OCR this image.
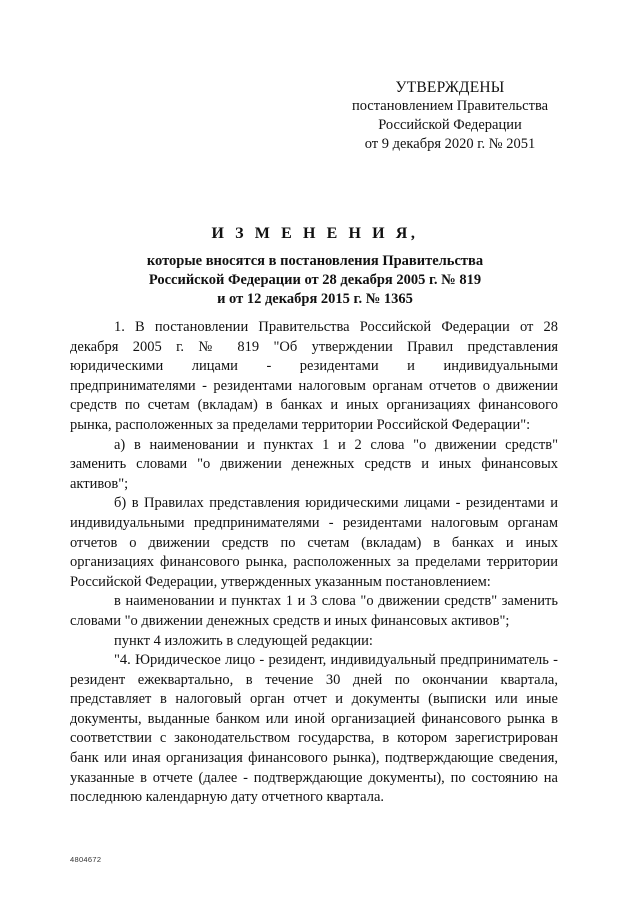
УТВЕРЖДЕНЫ
постановлением Правительства
Российской Федерации
от 9 декабря 2020 г. № 2051
И З М Е Н Е Н И Я,
которые вносятся в постановления Правительства
Российской Федерации от 28 декабря 2005 г. № 819
и от 12 декабря 2015 г. № 1365

1. В постановлении Правительства Российской Федерации от 28 декабря 2005 г. № 819 "Об утверждении Правил представления юридическими лицами - резидентами и индивидуальными предпринимателями - резидентами налоговым органам отчетов о движении средств по счетам (вкладам) в банках и иных организациях финансового рынка, расположенных за пределами территории Российской Федерации":

а) в наименовании и пунктах 1 и 2 слова "о движении средств" заменить словами "о движении денежных средств и иных финансовых активов";

б) в Правилах представления юридическими лицами - резидентами и индивидуальными предпринимателями - резидентами налоговым органам отчетов о движении средств по счетам (вкладам) в банках и иных организациях финансового рынка, расположенных за пределами территории Российской Федерации, утвержденных указанным постановлением:

в наименовании и пунктах 1 и 3 слова "о движении средств" заменить словами "о движении денежных средств и иных финансовых активов";

пункт 4 изложить в следующей редакции:

"4. Юридическое лицо - резидент, индивидуальный предприниматель - резидент ежеквартально, в течение 30 дней по окончании квартала, представляет в налоговый орган отчет и документы (выписки или иные документы, выданные банком или иной организацией финансового рынка в соответствии с законодательством государства, в котором зарегистрирован банк или иная организация финансового рынка), подтверждающие сведения, указанные в отчете (далее - подтверждающие документы), по состоянию на последнюю календарную дату отчетного квартала.

4804672
